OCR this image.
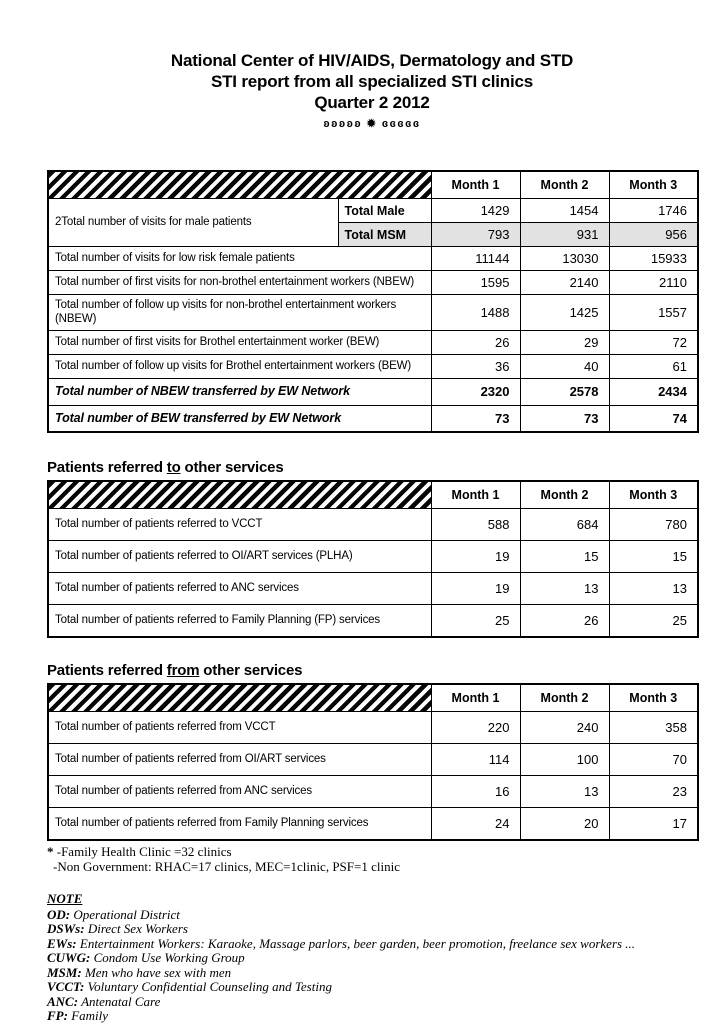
National Center of HIV/AIDS, Dermatology and STD
STI report from all specialized STI clinics
Quarter 2 2012
ʚʚʚʚʚ ✹ ɞɞɞɞɞ
		Month 1	Month 2	Month 3
2Total number of visits for male patients	Total Male	1429	1454	1746
	Total MSM	793	931	956
Total number of visits for low risk female patients		11144	13030	15933
Total number of first visits for non-brothel entertainment workers (NBEW)		1595	2140	2110
Total number of follow up visits for non-brothel entertainment workers (NBEW)		1488	1425	1557
Total number of first visits for Brothel entertainment worker (BEW)		26	29	72
Total number of follow up visits for Brothel entertainment workers (BEW)		36	40	61
Total number of NBEW transferred by EW Network		2320	2578	2434
Total number of BEW transferred by EW Network		73	73	74
Patients referred to other services
	Month 1	Month 2	Month 3
Total number of patients referred to VCCT	588	684	780
Total number of patients referred to OI/ART services (PLHA)	19	15	15
Total number of patients referred to ANC services	19	13	13
Total number of patients referred to Family Planning (FP) services	25	26	25
Patients referred from other services
	Month 1	Month 2	Month 3
Total number of patients referred from VCCT	220	240	358
Total number of patients referred from OI/ART services	114	100	70
Total number of patients referred from ANC services	16	13	23
Total number of patients referred from Family Planning services	24	20	17
* -Family Health Clinic =32 clinics
-Non Government: RHAC=17 clinics, MEC=1clinic, PSF=1 clinic
NOTE
OD: Operational District
DSWs: Direct Sex Workers
EWs: Entertainment Workers: Karaoke, Massage parlors, beer garden, beer promotion, freelance sex workers ...
CUWG: Condom Use Working Group
MSM: Men who have sex with men
VCCT: Voluntary Confidential Counseling and Testing
ANC: Antenatal Care
FP: Family
